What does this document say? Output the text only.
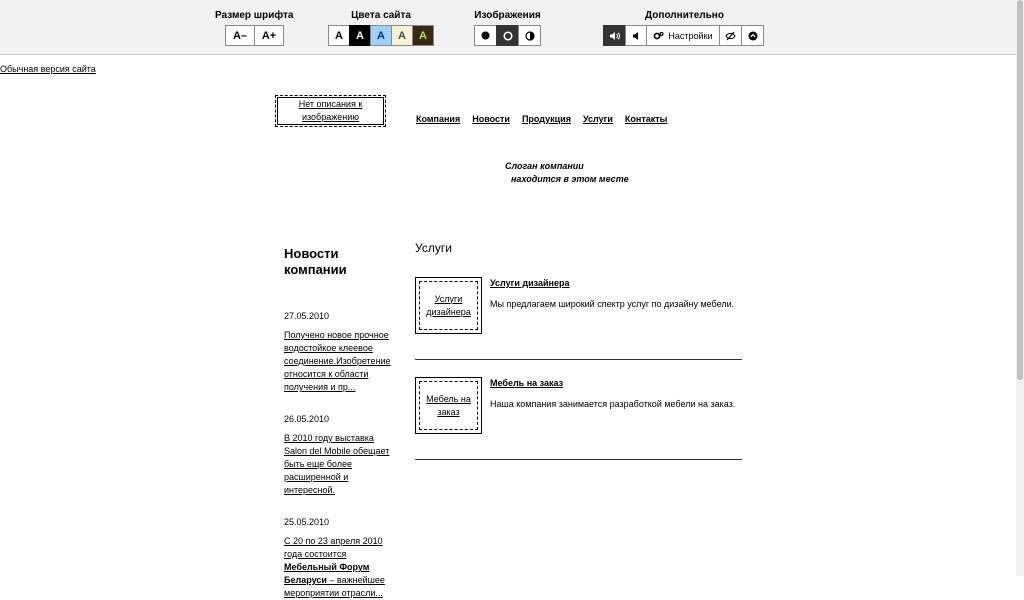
Размер шрифта
A–	A+
Цвета сайта
A	A	A	A	A
Изображения	Дополнительно
Настройки
Обычная версия сайта
Нет описания к изображению	Компания Новости Продукция Услуги Контакты
Слоган компании
находится в этом месте
Новости компании
27.05.2010
Получено новое прочное водостойкое клеевое соединение.Изобретение относится к области получения и пр...
26.05.2010
В 2010 году выставка Salon del Mobile обещает быть еще более расширенной и интересной.
25.05.2010
С 20 по 23 апреля 2010 года состоится Мебельный Форум Беларуси – важнейшее мероприятии отрасли...
Услуги
Услуги дизайнера
Услуги дизайнера
Мы предлагаем широкий спектр услуг по дизайну мебели.
Мебель на заказ
Мебель на заказ
Наша компания занимается разработкой мебели на заказ.
